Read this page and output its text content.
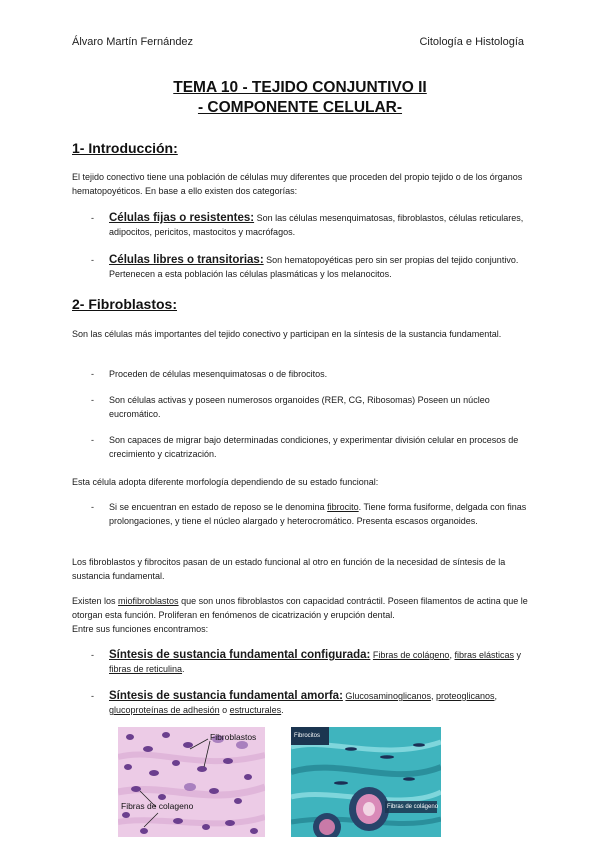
Álvaro Martín Fernández	Citología e Histología
TEMA 10 - TEJIDO CONJUNTIVO II
- COMPONENTE CELULAR-
1- Introducción:
El tejido conectivo tiene una población de células muy diferentes que proceden del propio tejido o de los órganos hematopoyéticos. En base a ello existen dos categorías:
- Células fijas o resistentes: Son las células mesenquimatosas, fibroblastos, células reticulares, adipocitos, pericitos, mastocitos y macrófagos.
- Células libres o transitorias: Son hematopoyéticas pero sin ser propias del tejido conjuntivo. Pertenecen a esta población las células plasmáticas y los melanocitos.
2- Fibroblastos:
Son las células más importantes del tejido conectivo y participan en la síntesis de la sustancia fundamental.
- Proceden de células mesenquimatosas o de fibrocitos.
- Son células activas y poseen numerosos organoides (RER, CG, Ribosomas) Poseen un núcleo eucromático.
- Son capaces de migrar bajo determinadas condiciones, y experimentar división celular en procesos de crecimiento y cicatrización.
Esta célula adopta diferente morfología dependiendo de su estado funcional:
- Si se encuentran en estado de reposo se le denomina fibrocito. Tiene forma fusiforme, delgada con finas prolongaciones, y tiene el núcleo alargado y heterocromático. Presenta escasos organoides.
Los fibroblastos y fibrocitos pasan de un estado funcional al otro en función de la necesidad de síntesis de la sustancia fundamental.
Existen los miofibroblastos que son unos fibroblastos con capacidad contráctil. Poseen filamentos de actina que le otorgan esta función. Proliferan en fenómenos de cicatrización y erupción dental.
Entre sus funciones encontramos:
- Síntesis de sustancia fundamental configurada: Fibras de colágeno, fibras elásticas y fibras de reticulina.
- Síntesis de sustancia fundamental amorfa: Glucosaminoglicanos, proteoglicanos, glucoproteínas de adhesión o estructurales.
Fibroblastos
Fibras de colageno
Fibrocitos
Fibras de colágeno
